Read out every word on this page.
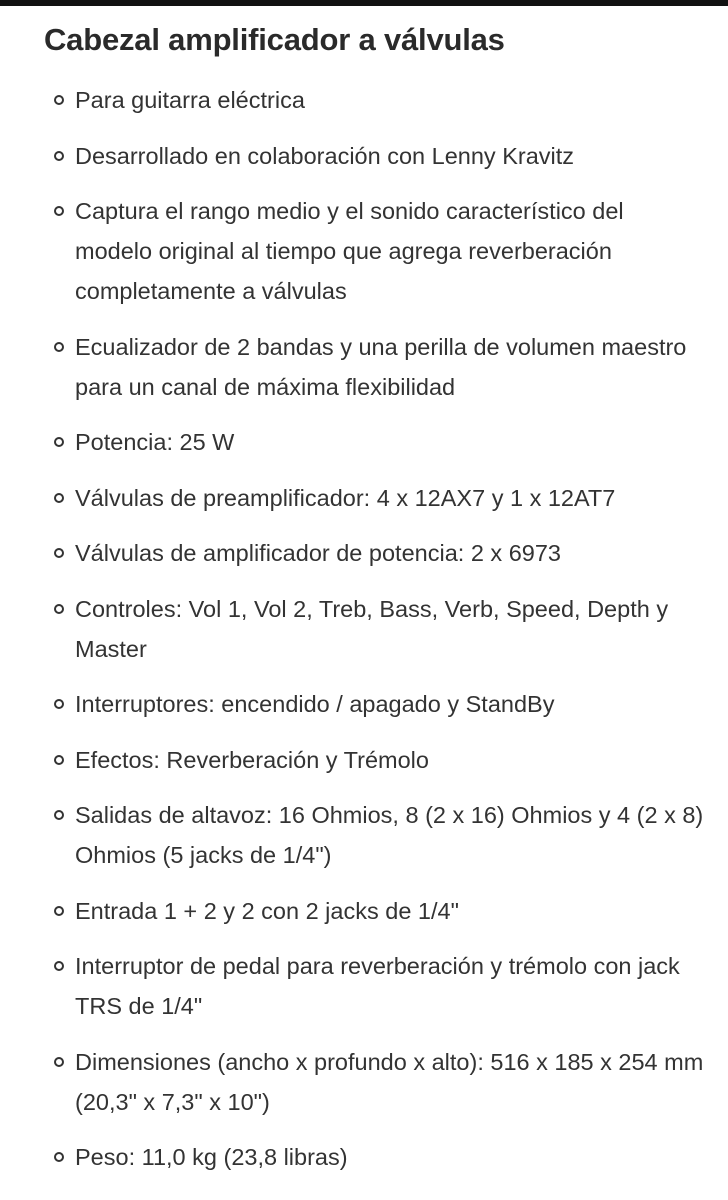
Cabezal amplificador a válvulas
Para guitarra eléctrica
Desarrollado en colaboración con Lenny Kravitz
Captura el rango medio y el sonido característico del modelo original al tiempo que agrega reverberación completamente a válvulas
Ecualizador de 2 bandas y una perilla de volumen maestro para un canal de máxima flexibilidad
Potencia: 25 W
Válvulas de preamplificador: 4 x 12AX7 y 1 x 12AT7
Válvulas de amplificador de potencia: 2 x 6973
Controles: Vol 1, Vol 2, Treb, Bass, Verb, Speed, Depth y Master
Interruptores: encendido / apagado y StandBy
Efectos: Reverberación y Trémolo
Salidas de altavoz: 16 Ohmios, 8 (2 x 16) Ohmios y 4 (2 x 8) Ohmios (5 jacks de 1/4")
Entrada 1 + 2 y 2 con 2 jacks de 1/4"
Interruptor de pedal para reverberación y trémolo con jack TRS de 1/4"
Dimensiones (ancho x profundo x alto): 516 x 185 x 254 mm (20,3" x 7,3" x 10")
Peso: 11,0 kg (23,8 libras)
